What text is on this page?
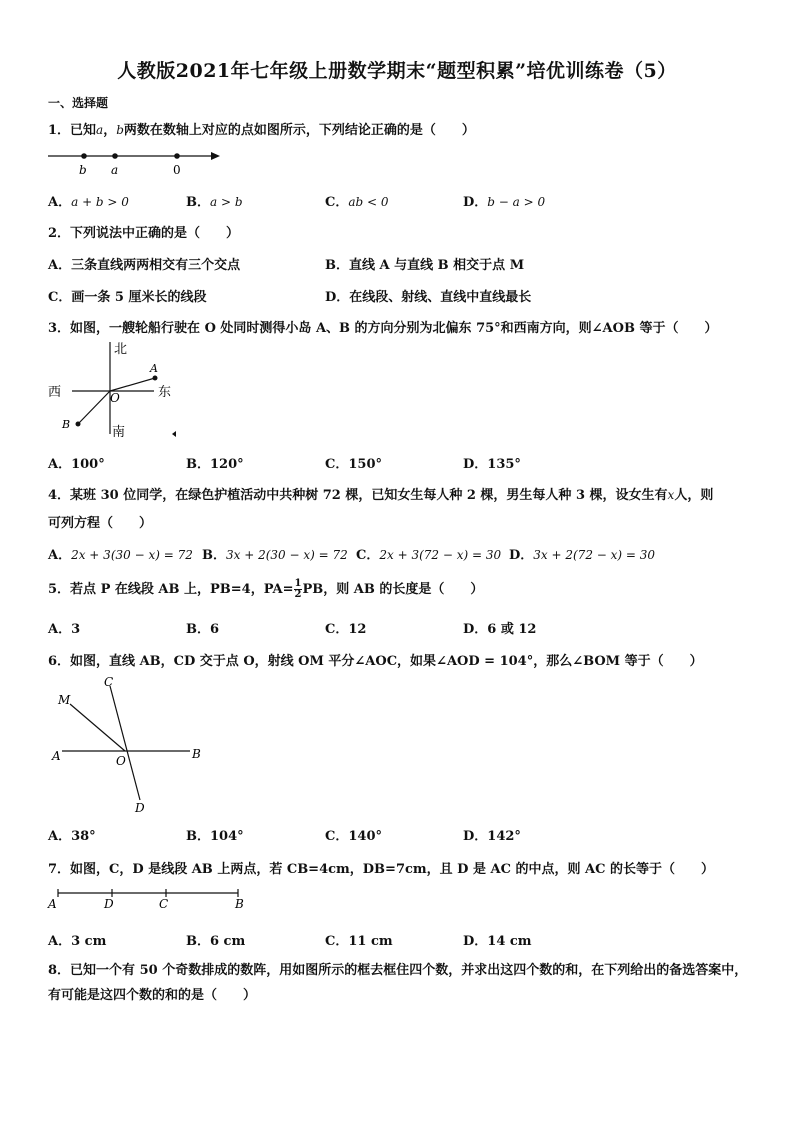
人教版2021年七年级上册数学期末“题型积累”培优训练卷（5）
一、选择题
1．已知a，b两数在数轴上对应的点如图所示，下列结论正确的是（　　）
b a	0
A．a + b > 0	B．a > b	C．ab < 0	D．b − a > 0
2．下列说法中正确的是（　　）
A．三条直线两两相交有三个交点	B．直线 A 与直线 B 相交于点 M
C．画一条 5 厘米长的线段	D．在线段、射线、直线中直线最长
3．如图，一艘轮船行驶在 O 处同时测得小岛 A、B 的方向分别为北偏东 75°和西南方向，则∠AOB 等于（　　）
北
南
西	东
O
A
B
A．100°	B．120°	C．150°	D．135°
4．某班 30 位同学，在绿色护植活动中共种树 72 棵，已知女生每人种 2 棵，男生每人种 3 棵，设女生有x人，则
可列方程（　　）
A．2x + 3(30 − x) = 72 B．3x + 2(30 − x) = 72 C．2x + 3(72 − x) = 30 D．3x + 2(72 − x) = 30
5．若点 P 在线段 AB 上，PB=4，$PA= \frac{1}{2}$ PB，则 AB 的长度是（　　）
A．3	B．6	C．12	D．6 或 12
6．如图，直线 AB，CD 交于点 O，射线 OM 平分∠AOC，如果∠AOD = 104°，那么∠BOM 等于（　　）
C
M
A	O	B
D
A．38°	B．104°	C．140°	D．142°
7．如图，C，D 是线段 AB 上两点，若 CB=4cm，DB=7cm，且 D 是 AC 的中点，则 AC 的长等于（　　）
A	D	C	B
A．3 cm	B．6 cm	C．11 cm	D．14 cm
8．已知一个有 50 个奇数排成的数阵，用如图所示的框去框住四个数，并求出这四个数的和，在下列给出的备选答案中，有可能是这四个数的和的是（　　）
